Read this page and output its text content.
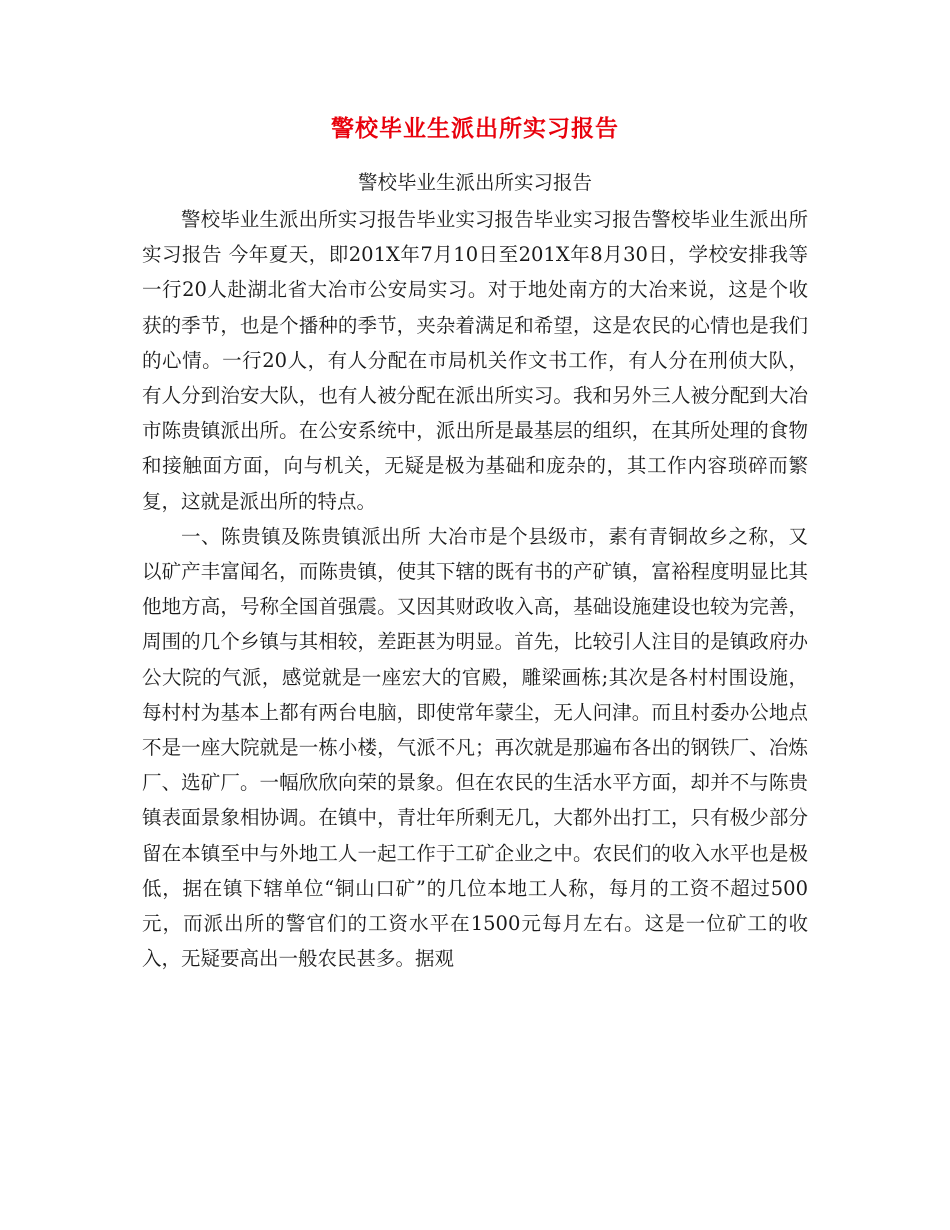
警校毕业生派出所实习报告
警校毕业生派出所实习报告

警校毕业生派出所实习报告毕业实习报告毕业实习报告警校毕业生派出所实习报告 今年夏天，即201X年7月10日至201X年8月30日，学校安排我等一行20人赴湖北省大冶市公安局实习。对于地处南方的大冶来说，这是个收获的季节，也是个播种的季节，夹杂着满足和希望，这是农民的心情也是我们的心情。一行20人，有人分配在市局机关作文书工作，有人分在刑侦大队，有人分到治安大队，也有人被分配在派出所实习。我和另外三人被分配到大冶市陈贵镇派出所。在公安系统中，派出所是最基层的组织，在其所处理的食物和接触面方面，向与机关，无疑是极为基础和庞杂的，其工作内容琐碎而繁复，这就是派出所的特点。

一、陈贵镇及陈贵镇派出所 大冶市是个县级市，素有青铜故乡之称，又以矿产丰富闻名，而陈贵镇，使其下辖的既有书的产矿镇，富裕程度明显比其他地方高，号称全国首强震。又因其财政收入高，基础设施建设也较为完善，周围的几个乡镇与其相较，差距甚为明显。首先，比较引人注目的是镇政府办公大院的气派，感觉就是一座宏大的官殿，雕梁画栋;其次是各村村围设施，每村村为基本上都有两台电脑，即使常年蒙尘，无人问津。而且村委办公地点不是一座大院就是一栋小楼，气派不凡；再次就是那遍布各出的钢铁厂、冶炼厂、选矿厂。一幅欣欣向荣的景象。但在农民的生活水平方面，却并不与陈贵镇表面景象相协调。在镇中，青壮年所剩无几，大都外出打工，只有极少部分留在本镇至中与外地工人一起工作于工矿企业之中。农民们的收入水平也是极低，据在镇下辖单位“铜山口矿”的几位本地工人称，每月的工资不超过500元，而派出所的警官们的工资水平在1500元每月左右。这是一位矿工的收入，无疑要高出一般农民甚多。据观
